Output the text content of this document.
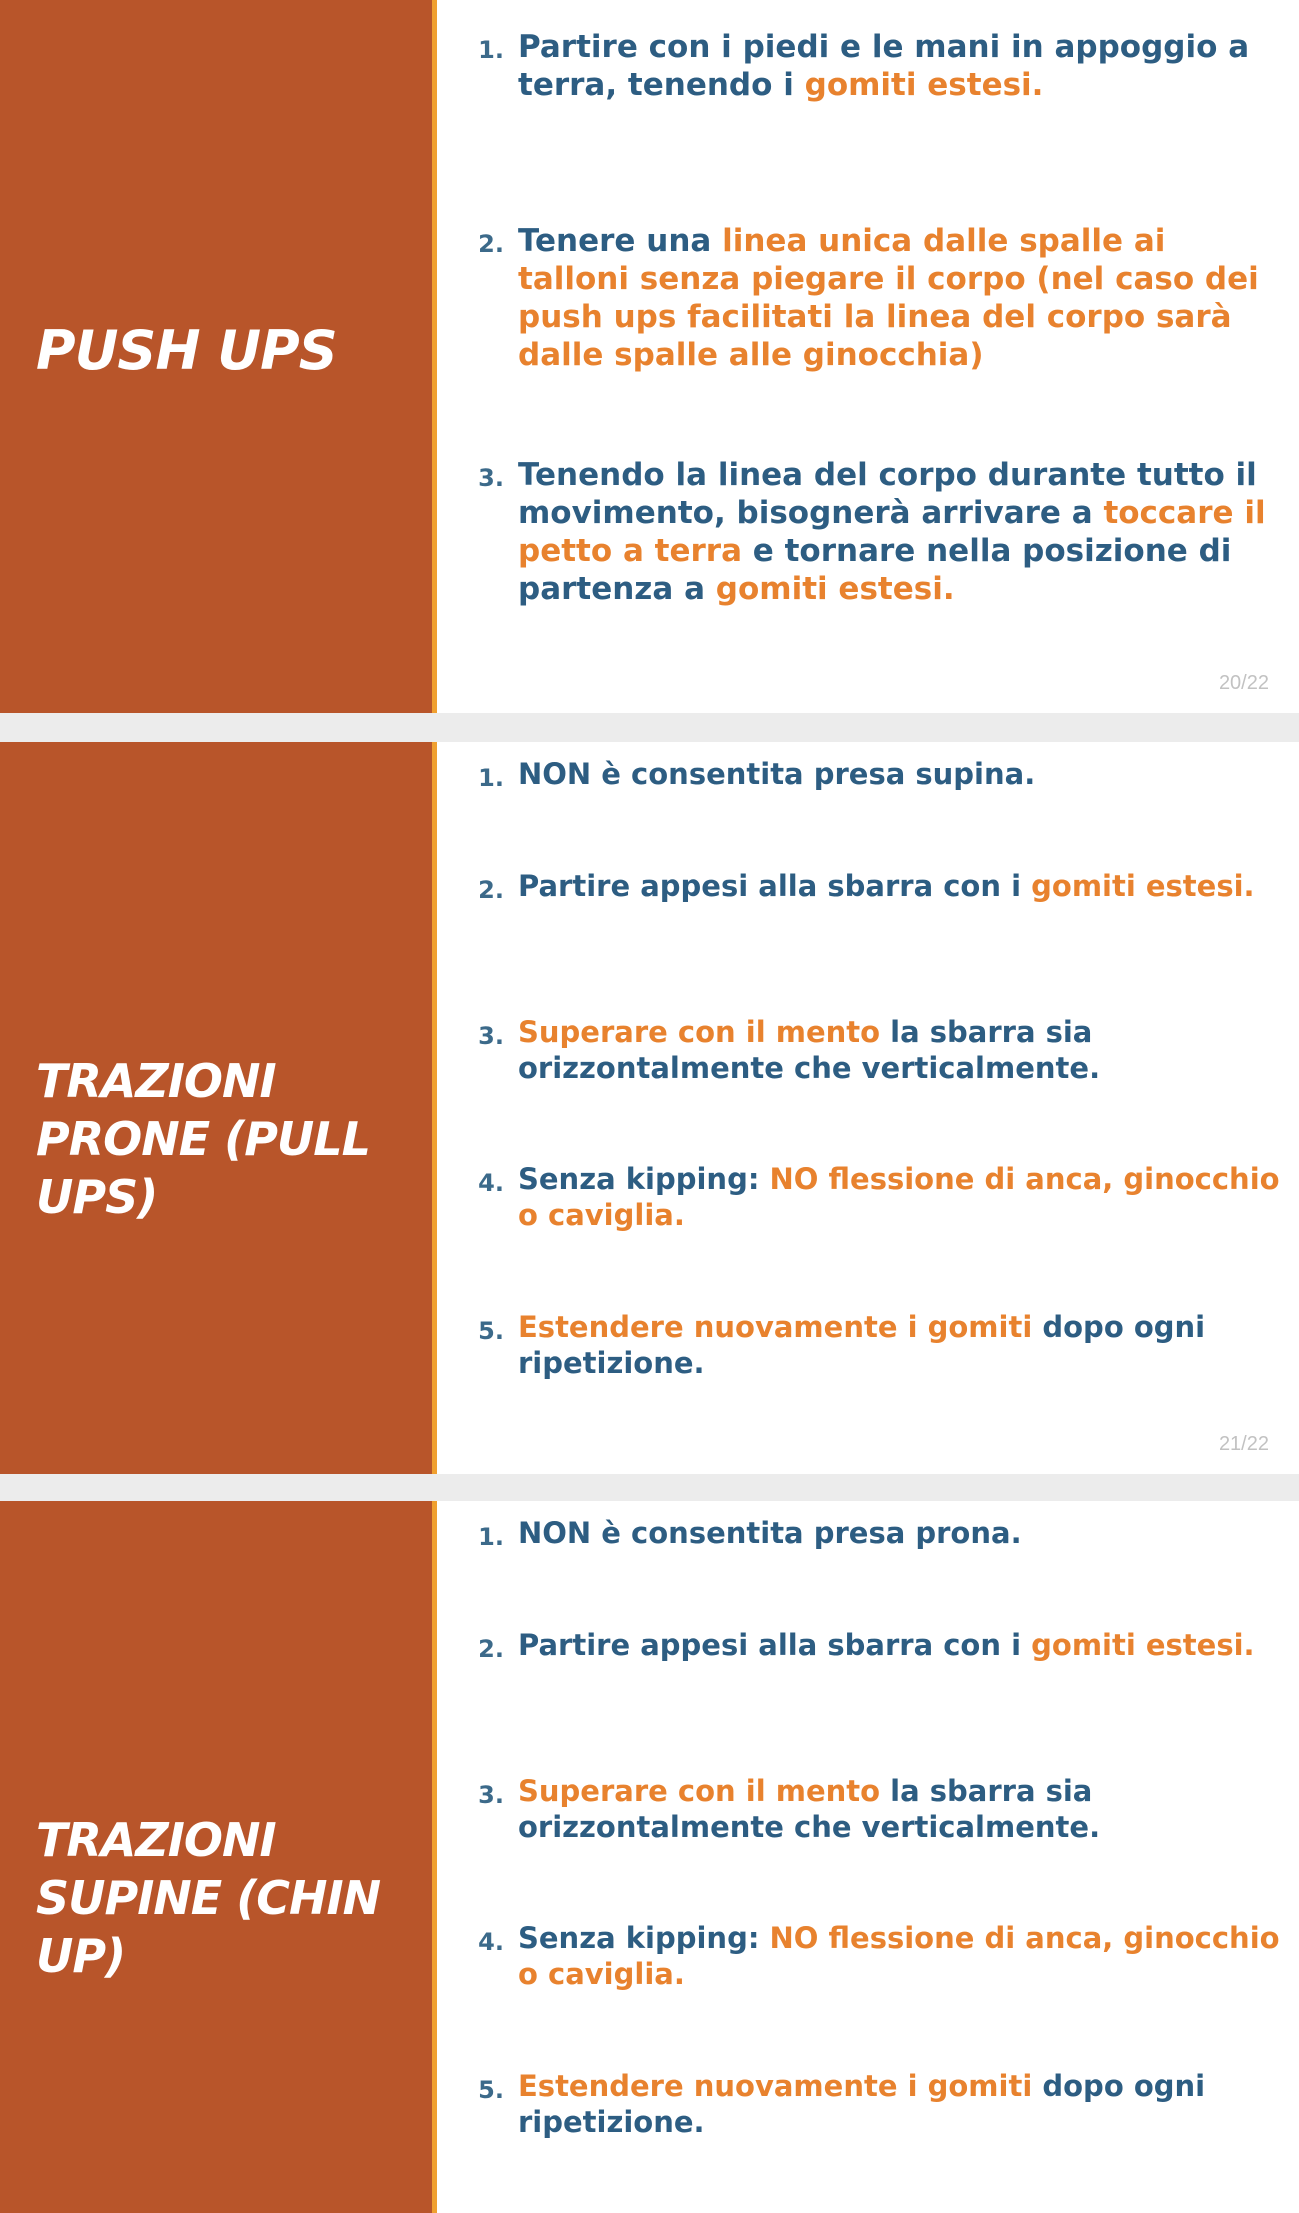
PUSH UPS
1. Partire con i piedi e le mani in appoggio a terra, tenendo i gomiti estesi.
2. Tenere una linea unica dalle spalle ai talloni senza piegare il corpo (nel caso dei push ups facilitati la linea del corpo sarà dalle spalle alle ginocchia)
3. Tenendo la linea del corpo durante tutto il movimento, bisognerà arrivare a toccare il petto a terra e tornare nella posizione di partenza a gomiti estesi.
20/22
TRAZIONI PRONE (PULL UPS)
1. NON è consentita presa supina.
2. Partire appesi alla sbarra con i gomiti estesi.
3. Superare con il mento la sbarra sia orizzontalmente che verticalmente.
4. Senza kipping: NO flessione di anca, ginocchio o caviglia.
5. Estendere nuovamente i gomiti dopo ogni ripetizione.
21/22
TRAZIONI SUPINE (CHIN UP)
1. NON è consentita presa prona.
2. Partire appesi alla sbarra con i gomiti estesi.
3. Superare con il mento la sbarra sia orizzontalmente che verticalmente.
4. Senza kipping: NO flessione di anca, ginocchio o caviglia.
5. Estendere nuovamente i gomiti dopo ogni ripetizione.
